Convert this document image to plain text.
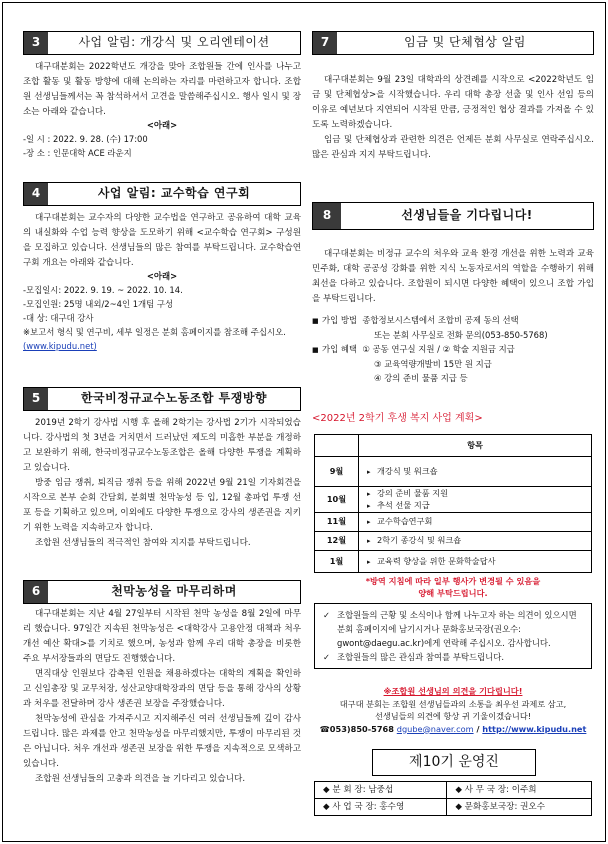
3	사업 알림: 개강식 및 오리엔테이션

대구대분회는 2022학년도 개강을 맞아 조합원들 간에 인사를 나누고 조합 활동 및 활동 방향에 대해 논의하는 자리를 마련하고자 합니다. 조합원 선생님들께서는 꼭 참석하셔서 고견을 말씀해주십시오. 행사 일시 및 장소는 아래와 같습니다.

<아래>
-일 시 : 2022. 9. 28. (수) 17:00
-장 소 : 인문대학 ACE 라운지
4	사업 알림: 교수학습 연구회

대구대분회는 교수자의 다양한 교수법을 연구하고 공유하여 대학 교육의 내실화와 수업 능력 향상을 도모하기 위해 <교수학습 연구회> 구성원을 모집하고 있습니다. 선생님들의 많은 참여를 부탁드립니다. 교수학습연구회 개요는 아래와 같습니다.

<아래>
-모집일시: 2022. 9. 19. ~ 2022. 10. 14.
-모집인원: 25명 내외/2~4인 1개팀 구성
-대 상: 대구대 강사
※보고서 형식 및 연구비, 세부 일정은 분회 홈페이지를 참조해 주십시오. (www.kipudu.net)
5	한국비정규교수노동조합 투쟁방향

2019년 2학기 강사법 시행 후 올해 2학기는 강사법 2기가 시작되었습니다. 강사법의 첫 3년을 거치면서 드러났던 제도의 미흡한 부분을 개정하고 보완하기 위해, 한국비정규교수노동조합은 올해 다양한 투쟁을 계획하고 있습니다.

방중 임금 쟁취, 퇴직금 쟁취 등을 위해 2022년 9월 21일 기자회견을 시작으로 본부 순회 간담회, 분회별 천막농성 등 입, 12월 총파업 투쟁 선포 등을 기획하고 있으며, 이외에도 다양한 투쟁으로 강사의 생존권을 지키기 위한 노력을 지속하고자 합니다.

조합원 선생님들의 적극적인 참여와 지지를 부탁드립니다.

6	천막농성을 마무리하며

대구대분회는 지난 4월 27일부터 시작된 천막 농성을 8월 2일에 마무리 했습니다. 97일간 지속된 천막농성은 <대학강사 고용안정 대책과 처우개선 예산 확대>를 기치로 했으며, 농성과 함께 우리 대학 총장을 비롯한 주요 부서장들과의 면담도 진행했습니다.

면직대상 인원보다 감축된 인원을 채용하겠다는 대학의 계획을 확인하고 신임총장 및 교무처장, 성산교양대학장과의 면담 등을 통해 강사의 상황과 처우를 전달하며 강사 생존권 보장을 주장했습니다.

천막농성에 관심을 가져주시고 지지해주신 여러 선생님들께 깊이 감사드립니다. 많은 과제를 안고 천막농성을 마무리했지만, 투쟁이 마무리된 것은 아닙니다. 처우 개선과 생존권 보장을 위한 투쟁을 지속적으로 모색하고 있습니다.

조합원 선생님들의 고충과 의견을 늘 기다리고 있습니다.

7	임금 및 단체협상 알림

대구대분회는 9월 23일 대학과의 상견례를 시작으로 <2022학년도 임금 및 단체협상>을 시작했습니다. 우리 대학 총장 선출 및 인사 선임 등의 이유로 예년보다 지연되어 시작된 만큼, 긍정적인 협상 결과를 가져올 수 있도록 노력하겠습니다.

임금 및 단체협상과 관련한 의견은 언제든 분회 사무실로 연락주십시오. 많은 관심과 지지 부탁드립니다.

8	선생님들을 기다립니다!

대구대분회는 비정규 교수의 처우와 교육 환경 개선을 위한 노력과 교육 민주화, 대학 공공성 강화를 위한 지식 노동자로서의 역할을 수행하기 위해 최선을 다하고 있습니다. 조합원이 되시면 다양한 혜택이 있으니 조합 가입을 부탁드립니다.

■ 가입 방법 종합정보시스템에서 조합비 공제 동의 선택
또는 분회 사무실로 전화 문의(053-850-5768)
■ 가입 혜택 ① 공동 연구실 지원 / ② 학술 지원금 지급
③ 교육역량개발비 15만 원 지급
④ 강의 준비 물품 지급 등
<2022년 2학기 후생 복지 사업 계획>
	항목
9월	▸ 개강식 및 워크숍
10월	▸ 강의 준비 물품 지원
▸ 추석 선물 지급

11월	▸ 교수학습연구회
12월	▸ 2학기 종강식 및 워크숍
1월	▸ 교육력 향상을 위한 문화학술답사
*방역 지침에 따라 일부 행사가 변경될 수 있음을
양해 부탁드립니다.
✓ 조합원들의 근황 및 소식이나 함께 나누고자 하는 의견이 있으시면 분회 홈페이지에 남기시거나 문화홍보국장(권오수: gwont@daegu.ac.kr)에게 연락해 주십시오. 감사합니다.
✓ 조합원들의 많은 관심과 참여를 부탁드립니다.
※조합원 선생님의 의견을 기다립니다!
대구대 분회는 조합원 선생님들과의 소통을 최우선 과제로 삼고,
선생님들의 의견에 항상 귀 기울이겠습니다!
☎053)850-5768 dgube@naver.com / http://www.kipudu.net
제10기 운영진
◆ 분 회 장: 남중섭	◆ 사 무 국 장: 이주희
◆ 사 업 국 장: 홍수영	◆ 문화홍보국장: 권오수
